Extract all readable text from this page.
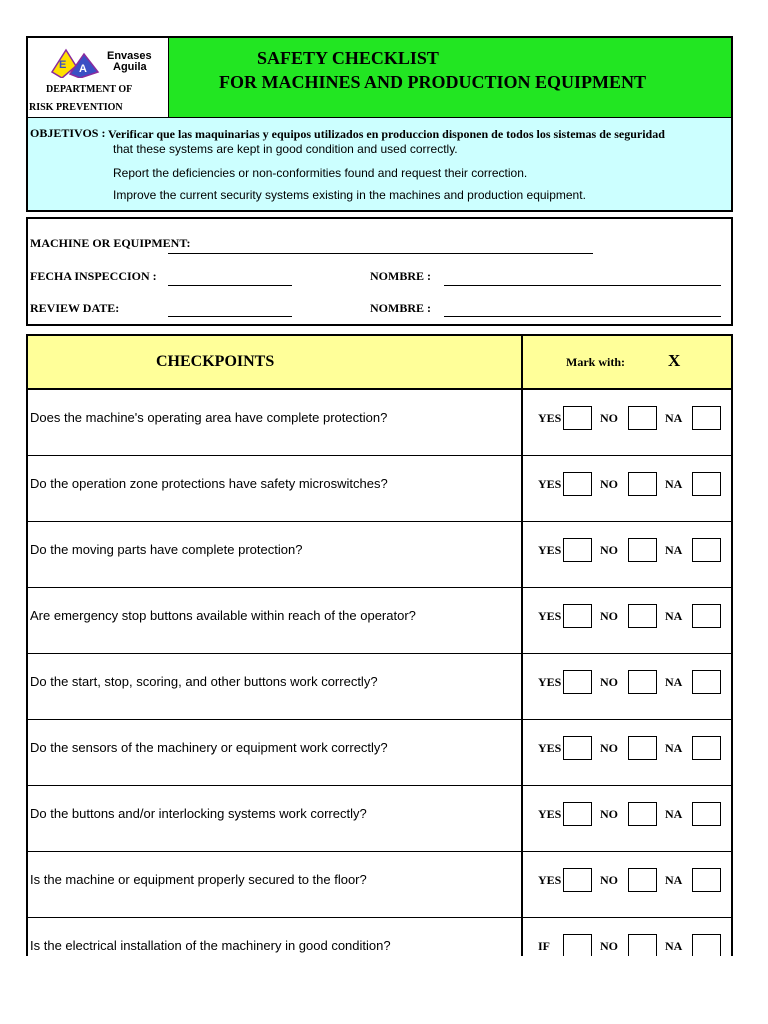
E A
Envases
Aguila
DEPARTMENT OF
RISK PREVENTION
SAFETY CHECKLIST
FOR MACHINES AND PRODUCTION EQUIPMENT
OBJETIVOS : Verificar que las maquinarias y equipos utilizados en produccion disponen de todos los sistemas de seguridad
that these systems are kept in good condition and used correctly.
Report the deficiencies or non-conformities found and request their correction.
Improve the current security systems existing in the machines and production equipment.
MACHINE OR EQUIPMENT:
FECHA INSPECCION :	NOMBRE :
REVIEW DATE:	NOMBRE :
CHECKPOINTS	Mark with:	X
Does the machine's operating area have complete protection?	YES	NO	NA
Do the operation zone protections have safety microswitches?	YES	NO	NA
Do the moving parts have complete protection?	YES	NO	NA
Are emergency stop buttons available within reach of the operator?	YES	NO	NA
Do the start, stop, scoring, and other buttons work correctly?	YES	NO	NA
Do the sensors of the machinery or equipment work correctly?	YES	NO	NA
Do the buttons and/or interlocking systems work correctly?	YES	NO	NA
Is the machine or equipment properly secured to the floor?	YES	NO	NA
Is the electrical installation of the machinery in good condition?	IF	NO	NA
